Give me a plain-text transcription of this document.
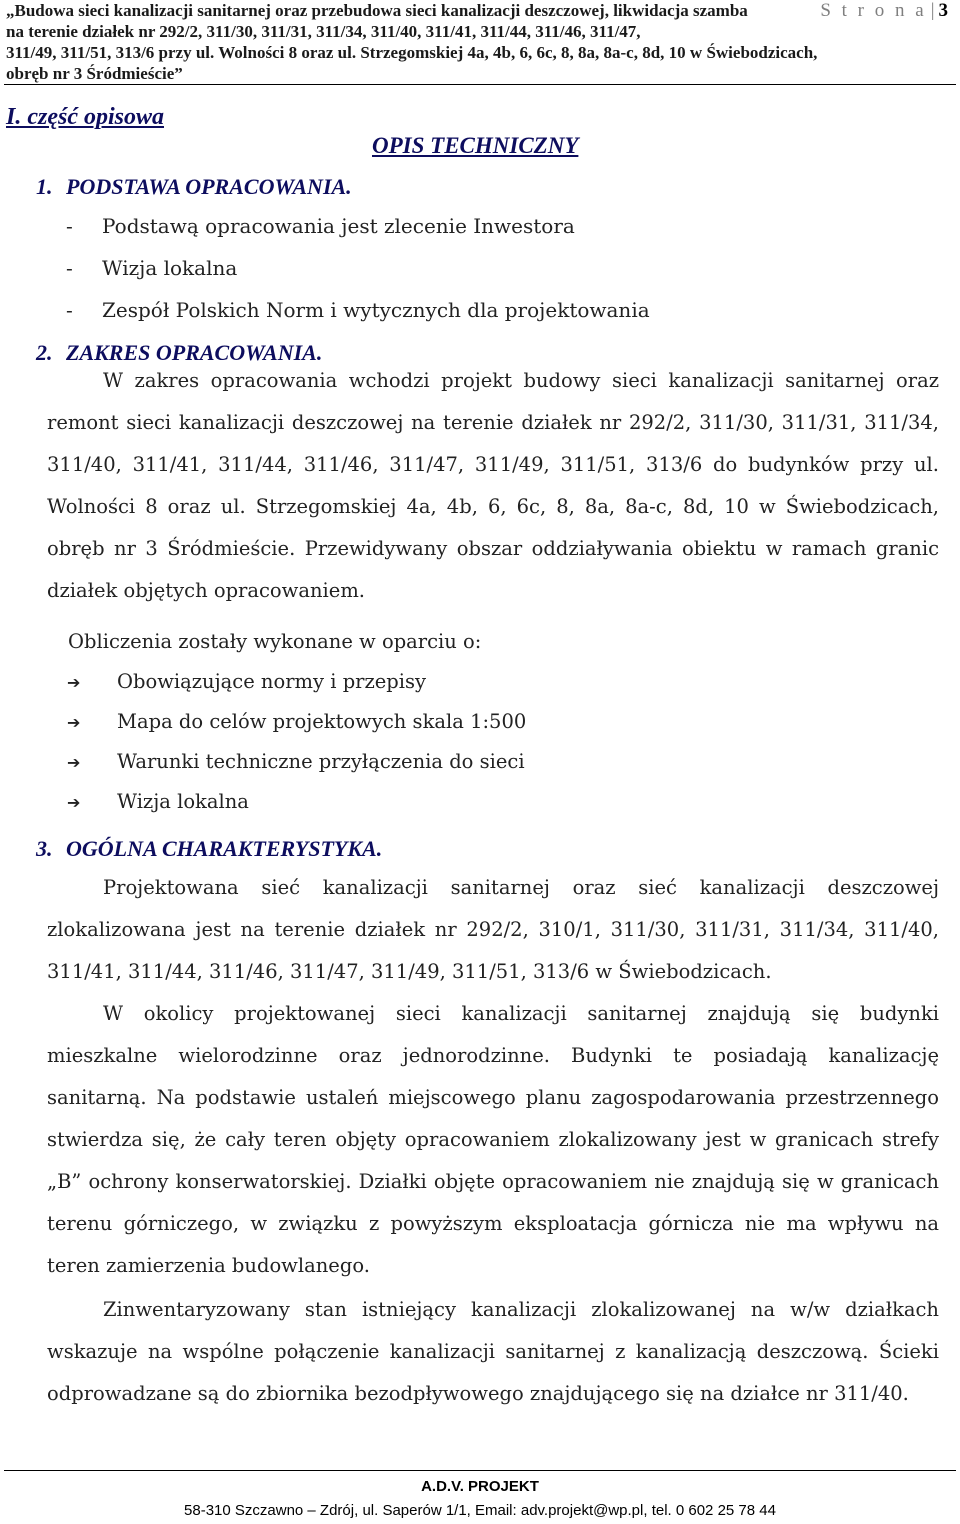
„Budowa sieci kanalizacji sanitarnej oraz przebudowa sieci kanalizacji deszczowej, likwidacja szamba
na terenie działek nr 292/2, 311/30, 311/31, 311/34, 311/40, 311/41, 311/44, 311/46, 311/47,
311/49, 311/51, 313/6 przy ul. Wolności 8 oraz ul. Strzegomskiej 4a, 4b, 6, 6c, 8, 8a, 8a-c, 8d, 10 w Świebodzicach,
obręb nr 3 Śródmieście”
S t r o n a | 3
I. część opisowa
OPIS TECHNICZNY
1. PODSTAWA OPRACOWANIA.
- Podstawą opracowania jest zlecenie Inwestora
- Wizja lokalna
- Zespół Polskich Norm i wytycznych dla projektowania
2. ZAKRES OPRACOWANIA.

W zakres opracowania wchodzi projekt budowy sieci kanalizacji sanitarnej oraz remont sieci kanalizacji deszczowej na terenie działek nr 292/2, 311/30, 311/31, 311/34, 311/40, 311/41, 311/44, 311/46, 311/47, 311/49, 311/51, 313/6 do budynków przy ul. Wolności 8 oraz ul. Strzegomskiej 4a, 4b, 6, 6c, 8, 8a, 8a-c, 8d, 10 w Świebodzicach, obręb nr 3 Śródmieście. Przewidywany obszar oddziaływania obiektu w ramach granic działek objętych opracowaniem.

Obliczenia zostały wykonane w oparciu o:
➔ Obowiązujące normy i przepisy
➔ Mapa do celów projektowych skala 1:500
➔ Warunki techniczne przyłączenia do sieci
➔ Wizja lokalna
3. OGÓLNA CHARAKTERYSTYKA.

Projektowana sieć kanalizacji sanitarnej oraz sieć kanalizacji deszczowej zlokalizowana jest na terenie działek nr 292/2, 310/1, 311/30, 311/31, 311/34, 311/40, 311/41, 311/44, 311/46, 311/47, 311/49, 311/51, 313/6 w Świebodzicach.

W okolicy projektowanej sieci kanalizacji sanitarnej znajdują się budynki mieszkalne wielorodzinne oraz jednorodzinne. Budynki te posiadają kanalizację sanitarną. Na podstawie ustaleń miejscowego planu zagospodarowania przestrzennego stwierdza się, że cały teren objęty opracowaniem zlokalizowany jest w granicach strefy „B” ochrony konserwatorskiej. Działki objęte opracowaniem nie znajdują się w granicach terenu górniczego, w związku z powyższym eksploatacja górnicza nie ma wpływu na teren zamierzenia budowlanego.

Zinwentaryzowany stan istniejący kanalizacji zlokalizowanej na w/w działkach wskazuje na wspólne połączenie kanalizacji sanitarnej z kanalizacją deszczową. Ścieki odprowadzane są do zbiornika bezodpływowego znajdującego się na działce nr 311/40.

A.D.V. PROJEKT
58-310 Szczawno – Zdrój, ul. Saperów 1/1, Email: adv.projekt@wp.pl, tel. 0 602 25 78 44
